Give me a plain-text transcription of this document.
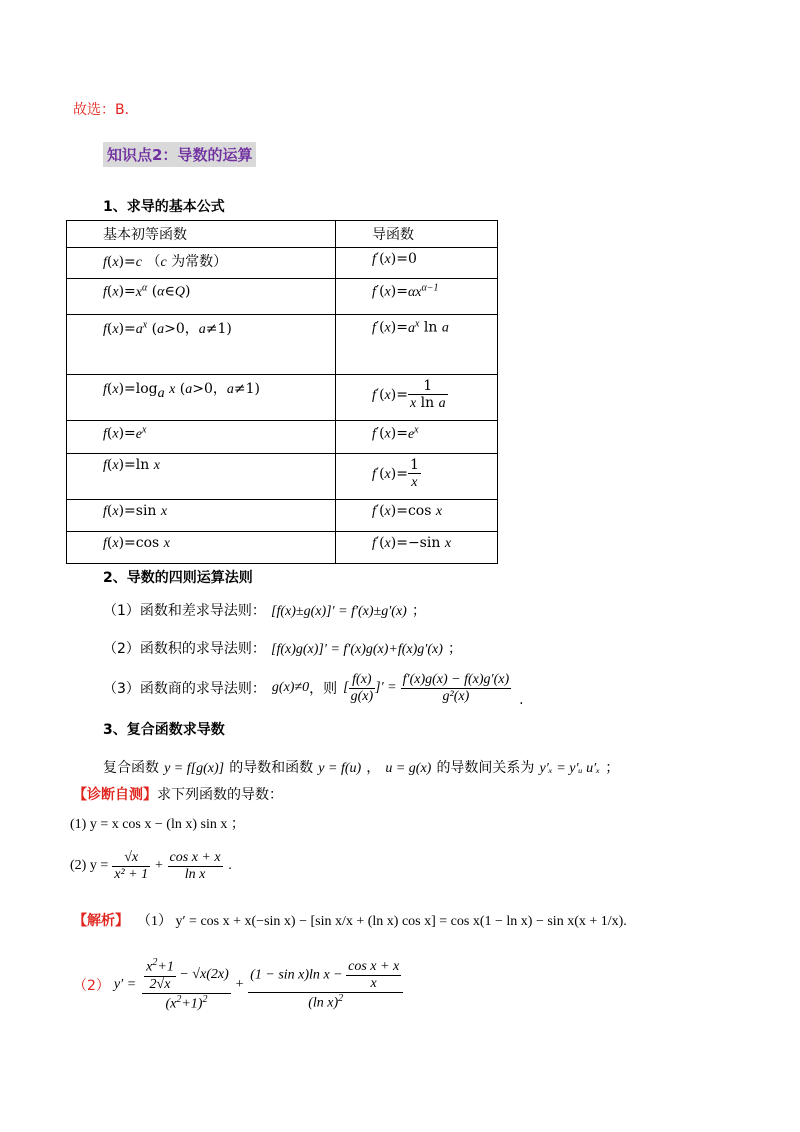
故选：B．
知识点2：导数的运算
1、求导的基本公式
基本初等函数	导函数
f(x)=c （c 为常数）	f′(x)=0
$f(x)=x^\alpha$ (α∈Q)	$f'(x)=\alpha x^{\alpha-1}$
$f(x)=a^x$ (a>0，a≠1)	$f'(x)=a^x$ ln a
$f(x)=\log_a$ x (a>0，a≠1)	$f'(x)= \frac{1}{\text{x ln a}}$

$f(x)=e^x$	$f'(x)=e^x$
f(x)=ln x	$f'(x)= \frac{1}{x}$

f(x)=sin x	f′(x)=cos x
f(x)=cos x	f′(x)=−sin x
2、导数的四则运算法则
（1）函数和差求导法则： [f(x)±g(x)]′ = f′(x)±g′(x) ；
（2）函数积的求导法则： [f(x)g(x)]′ = f′(x)g(x)+f(x)g′(x) ；
（3）函数商的求导法则： g(x)≠0 ，则 [ $\frac{f(x)}{g(x)}$ ]′ = $\frac{f'(x)g(x) - f(x)g'(x)}{\text{g²(x)}}$ .
3、复合函数求导数
复合函数 y = f[g(x)] 的导数和函数 y = f(u) ， u = g(x) 的导数间关系为 y′ₓ = y′ᵤ u′ₓ ；
【诊断自测】求下列函数的导数：
(1) y = x cos x − (ln x) sin x ；
(2) $y = \frac{√x}{\text{x² + 1}} + \frac{\text{cos x + x}}{\text{ln x}}$ .
【解析】 （1） y′ = cos x + x(−sin x) − [sin x/x + (ln x) cos x] = cos x(1 − ln x) − sin x(x + 1/x).
（2） $y' = \frac{\frac{x^2+1}{2√x} - √x(2x)}{(x^2+1)^2} + \frac{(1 - \sin x)\ln x - \frac{\text{cos x + x}}{x}}{(\ln x)^2}$
